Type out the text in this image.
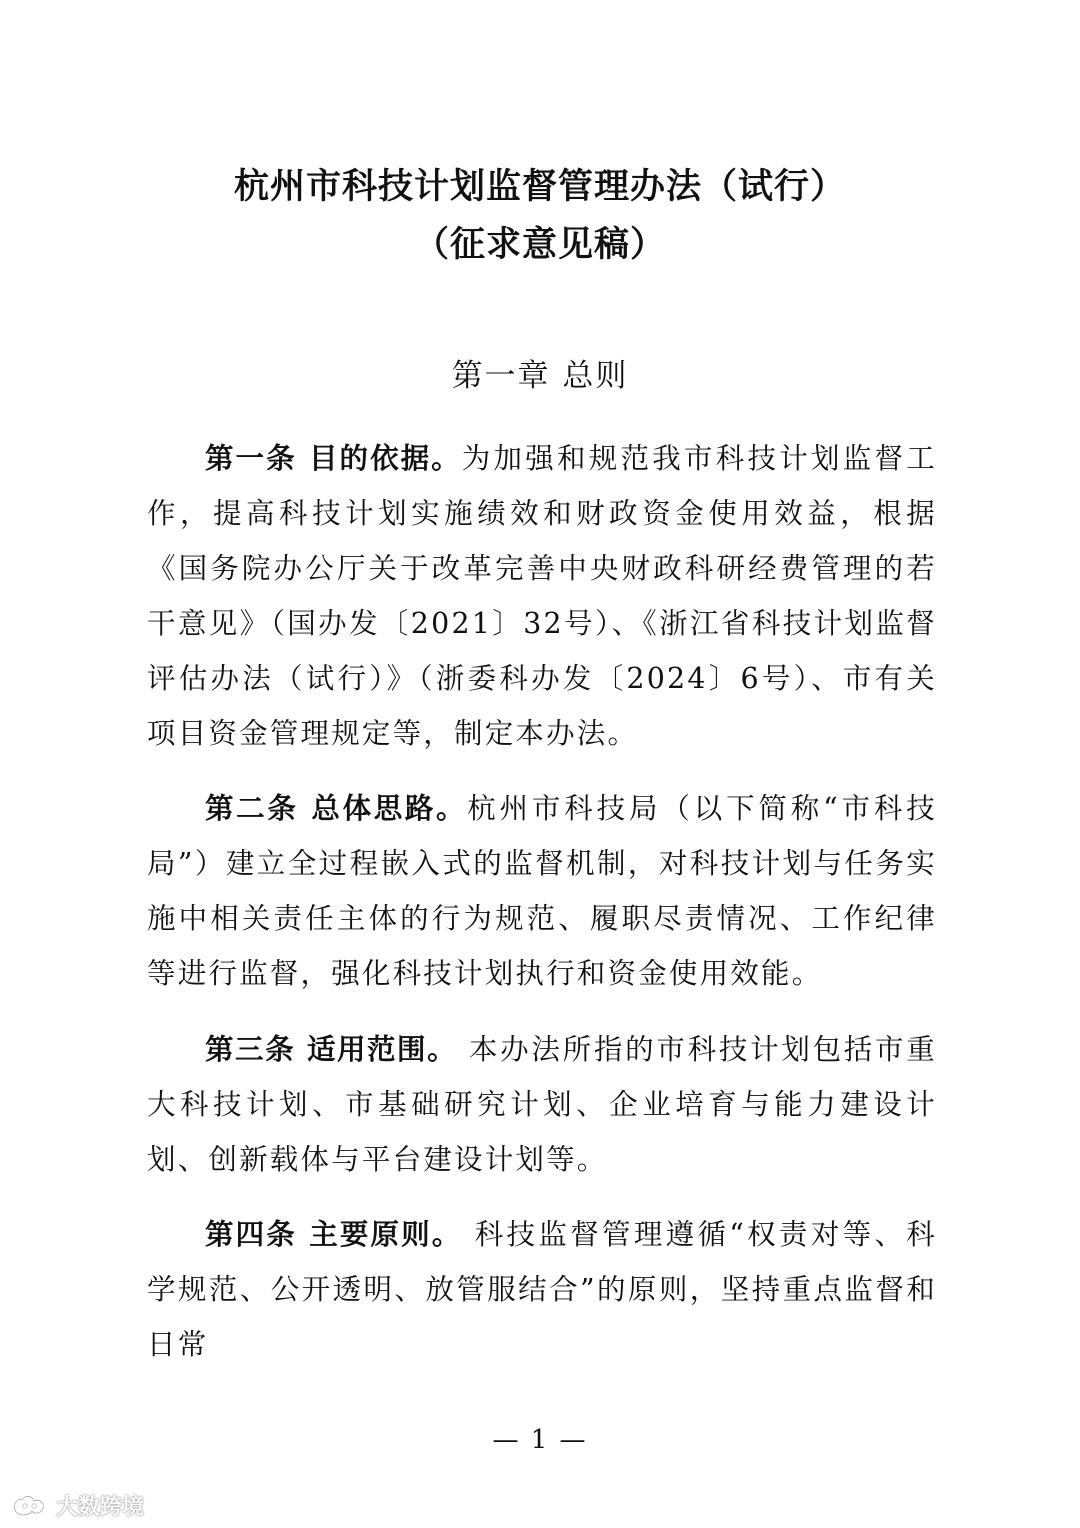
杭州市科技计划监督管理办法（试行）
（征求意见稿）
第一章 总则

第一条 目的依据。为加强和规范我市科技计划监督工作，提高科技计划实施绩效和财政资金使用效益，根据《国务院办公厅关于改革完善中央财政科研经费管理的若干意见》（国办发〔2021〕32号）、《浙江省科技计划监督评估办法（试行）》（浙委科办发〔2024〕6号）、市有关项目资金管理规定等，制定本办法。

第二条 总体思路。杭州市科技局（以下简称“市科技局”）建立全过程嵌入式的监督机制，对科技计划与任务实施中相关责任主体的行为规范、履职尽责情况、工作纪律等进行监督，强化科技计划执行和资金使用效能。

第三条 适用范围。 本办法所指的市科技计划包括市重大科技计划、市基础研究计划、企业培育与能力建设计划、创新载体与平台建设计划等。

第四条 主要原则。 科技监督管理遵循“权责对等、科学规范、公开透明、放管服结合”的原则，坚持重点监督和日常

— 1 —
大数跨境
